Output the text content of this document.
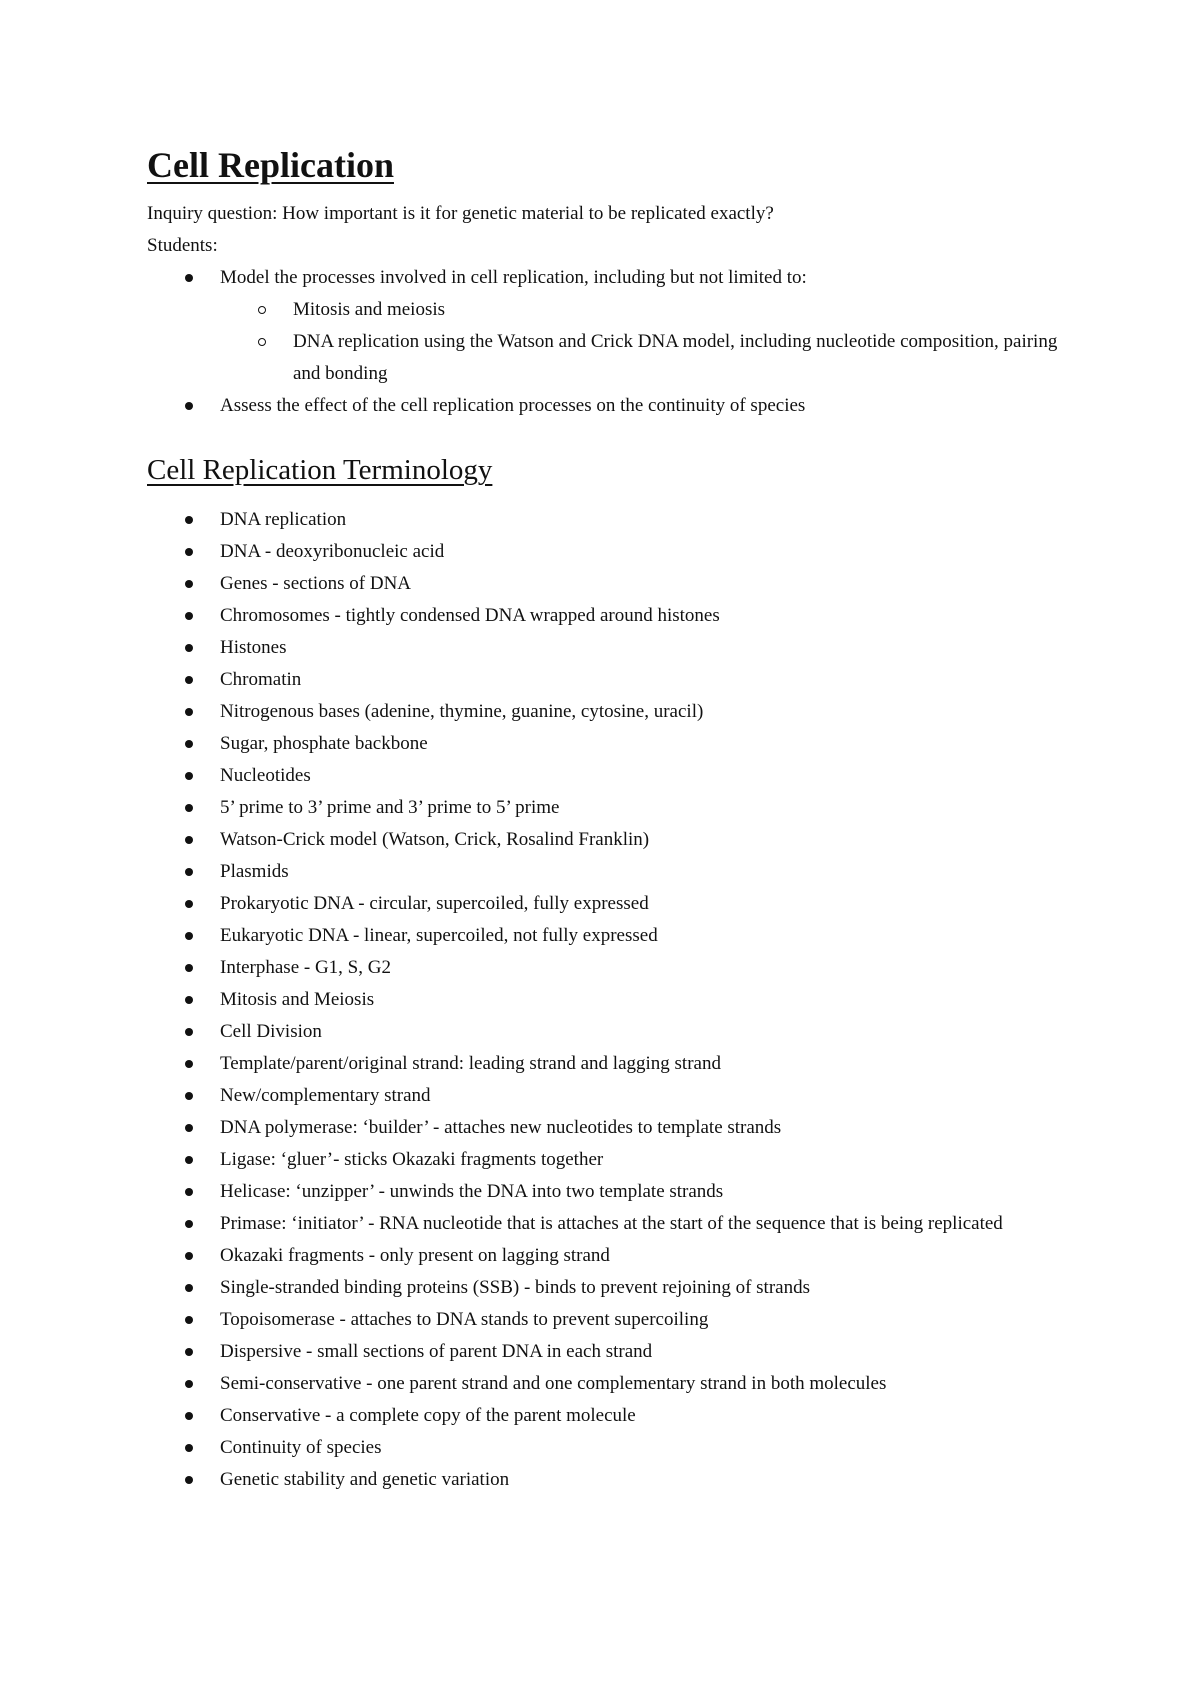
Cell Replication

Inquiry question: How important is it for genetic material to be replicated exactly?

Students:

Model the processes involved in cell replication, including but not limited to:
Mitosis and meiosis
DNA replication using the Watson and Crick DNA model, including nucleotide composition, pairing and bonding
Assess the effect of the cell replication processes on the continuity of species
Cell Replication Terminology
DNA replication
DNA - deoxyribonucleic acid
Genes - sections of DNA
Chromosomes - tightly condensed DNA wrapped around histones
Histones
Chromatin
Nitrogenous bases (adenine, thymine, guanine, cytosine, uracil)
Sugar, phosphate backbone
Nucleotides
5’ prime to 3’ prime and 3’ prime to 5’ prime
Watson-Crick model (Watson, Crick, Rosalind Franklin)
Plasmids
Prokaryotic DNA - circular, supercoiled, fully expressed
Eukaryotic DNA - linear, supercoiled, not fully expressed
Interphase - G1, S, G2
Mitosis and Meiosis
Cell Division
Template/parent/original strand: leading strand and lagging strand
New/complementary strand
DNA polymerase: ‘builder’ - attaches new nucleotides to template strands
Ligase: ‘gluer’- sticks Okazaki fragments together
Helicase: ‘unzipper’ - unwinds the DNA into two template strands
Primase: ‘initiator’ - RNA nucleotide that is attaches at the start of the sequence that is being replicated
Okazaki fragments - only present on lagging strand
Single-stranded binding proteins (SSB) - binds to prevent rejoining of strands
Topoisomerase - attaches to DNA stands to prevent supercoiling
Dispersive - small sections of parent DNA in each strand
Semi-conservative - one parent strand and one complementary strand in both molecules
Conservative - a complete copy of the parent molecule
Continuity of species
Genetic stability and genetic variation
